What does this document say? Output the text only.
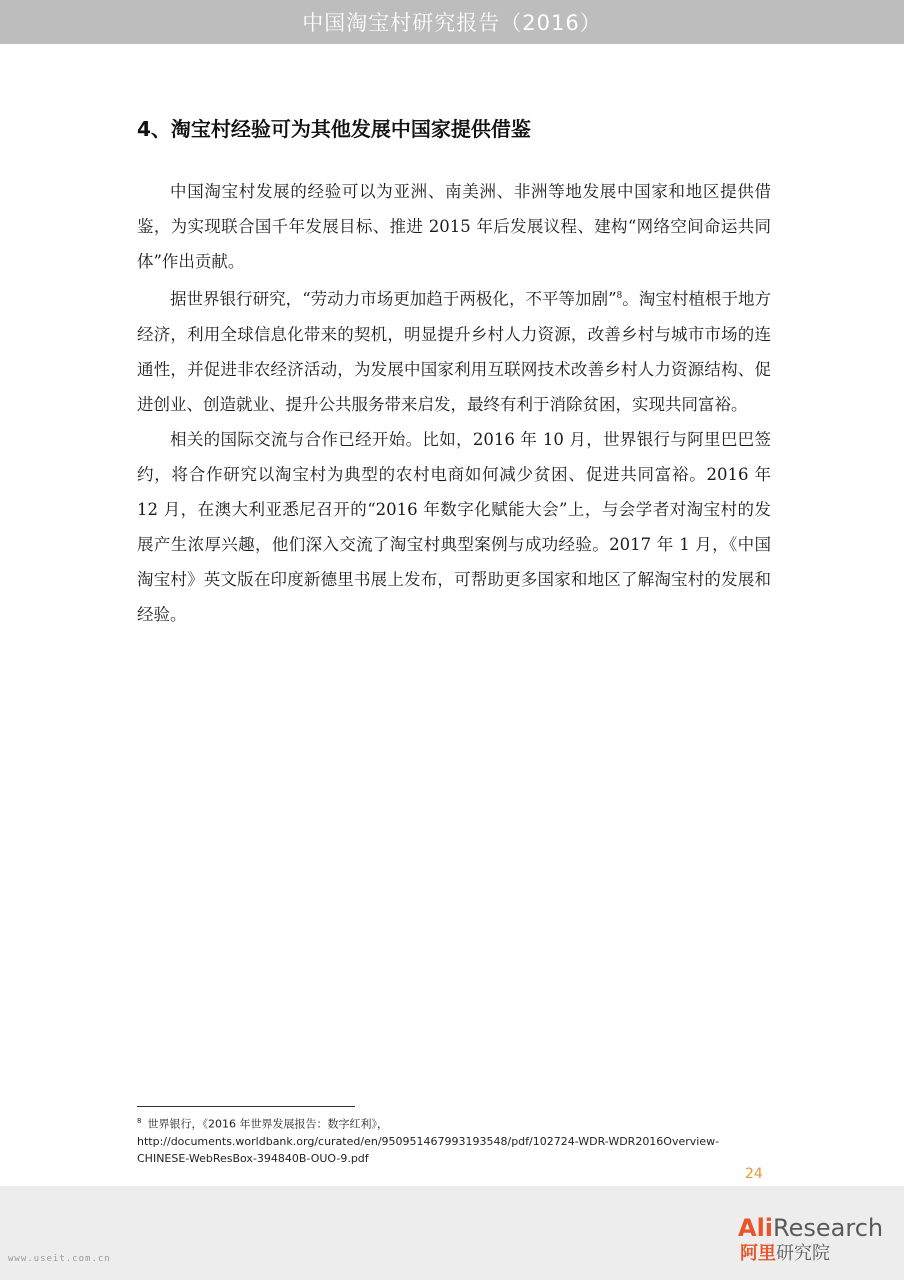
中国淘宝村研究报告（2016）
4、淘宝村经验可为其他发展中国家提供借鉴

中国淘宝村发展的经验可以为亚洲、南美洲、非洲等地发展中国家和地区提供借鉴，为实现联合国千年发展目标、推进 2015 年后发展议程、建构“网络空间命运共同体”作出贡献。

据世界银行研究，“劳动力市场更加趋于两极化，不平等加剧”$^8$。淘宝村植根于地方经济，利用全球信息化带来的契机，明显提升乡村人力资源，改善乡村与城市市场的连通性，并促进非农经济活动，为发展中国家利用互联网技术改善乡村人力资源结构、促进创业、创造就业、提升公共服务带来启发，最终有利于消除贫困，实现共同富裕。

相关的国际交流与合作已经开始。比如，2016 年 10 月，世界银行与阿里巴巴签约，将合作研究以淘宝村为典型的农村电商如何减少贫困、促进共同富裕。2016 年 12 月，在澳大利亚悉尼召开的“2016 年数字化赋能大会”上，与会学者对淘宝村的发展产生浓厚兴趣，他们深入交流了淘宝村典型案例与成功经验。2017 年 1 月，《中国淘宝村》英文版在印度新德里书展上发布，可帮助更多国家和地区了解淘宝村的发展和经验。

$^8$ 世界银行，《2016 年世界发展报告：数字红利》，
http://documents.worldbank.org/curated/en/950951467993193548/pdf/102724-WDR-WDR2016Overview-
CHINESE-WebResBox-394840B-OUO-9.pdf
24
www.useit.com.cn
AliResearch
阿里研究院
